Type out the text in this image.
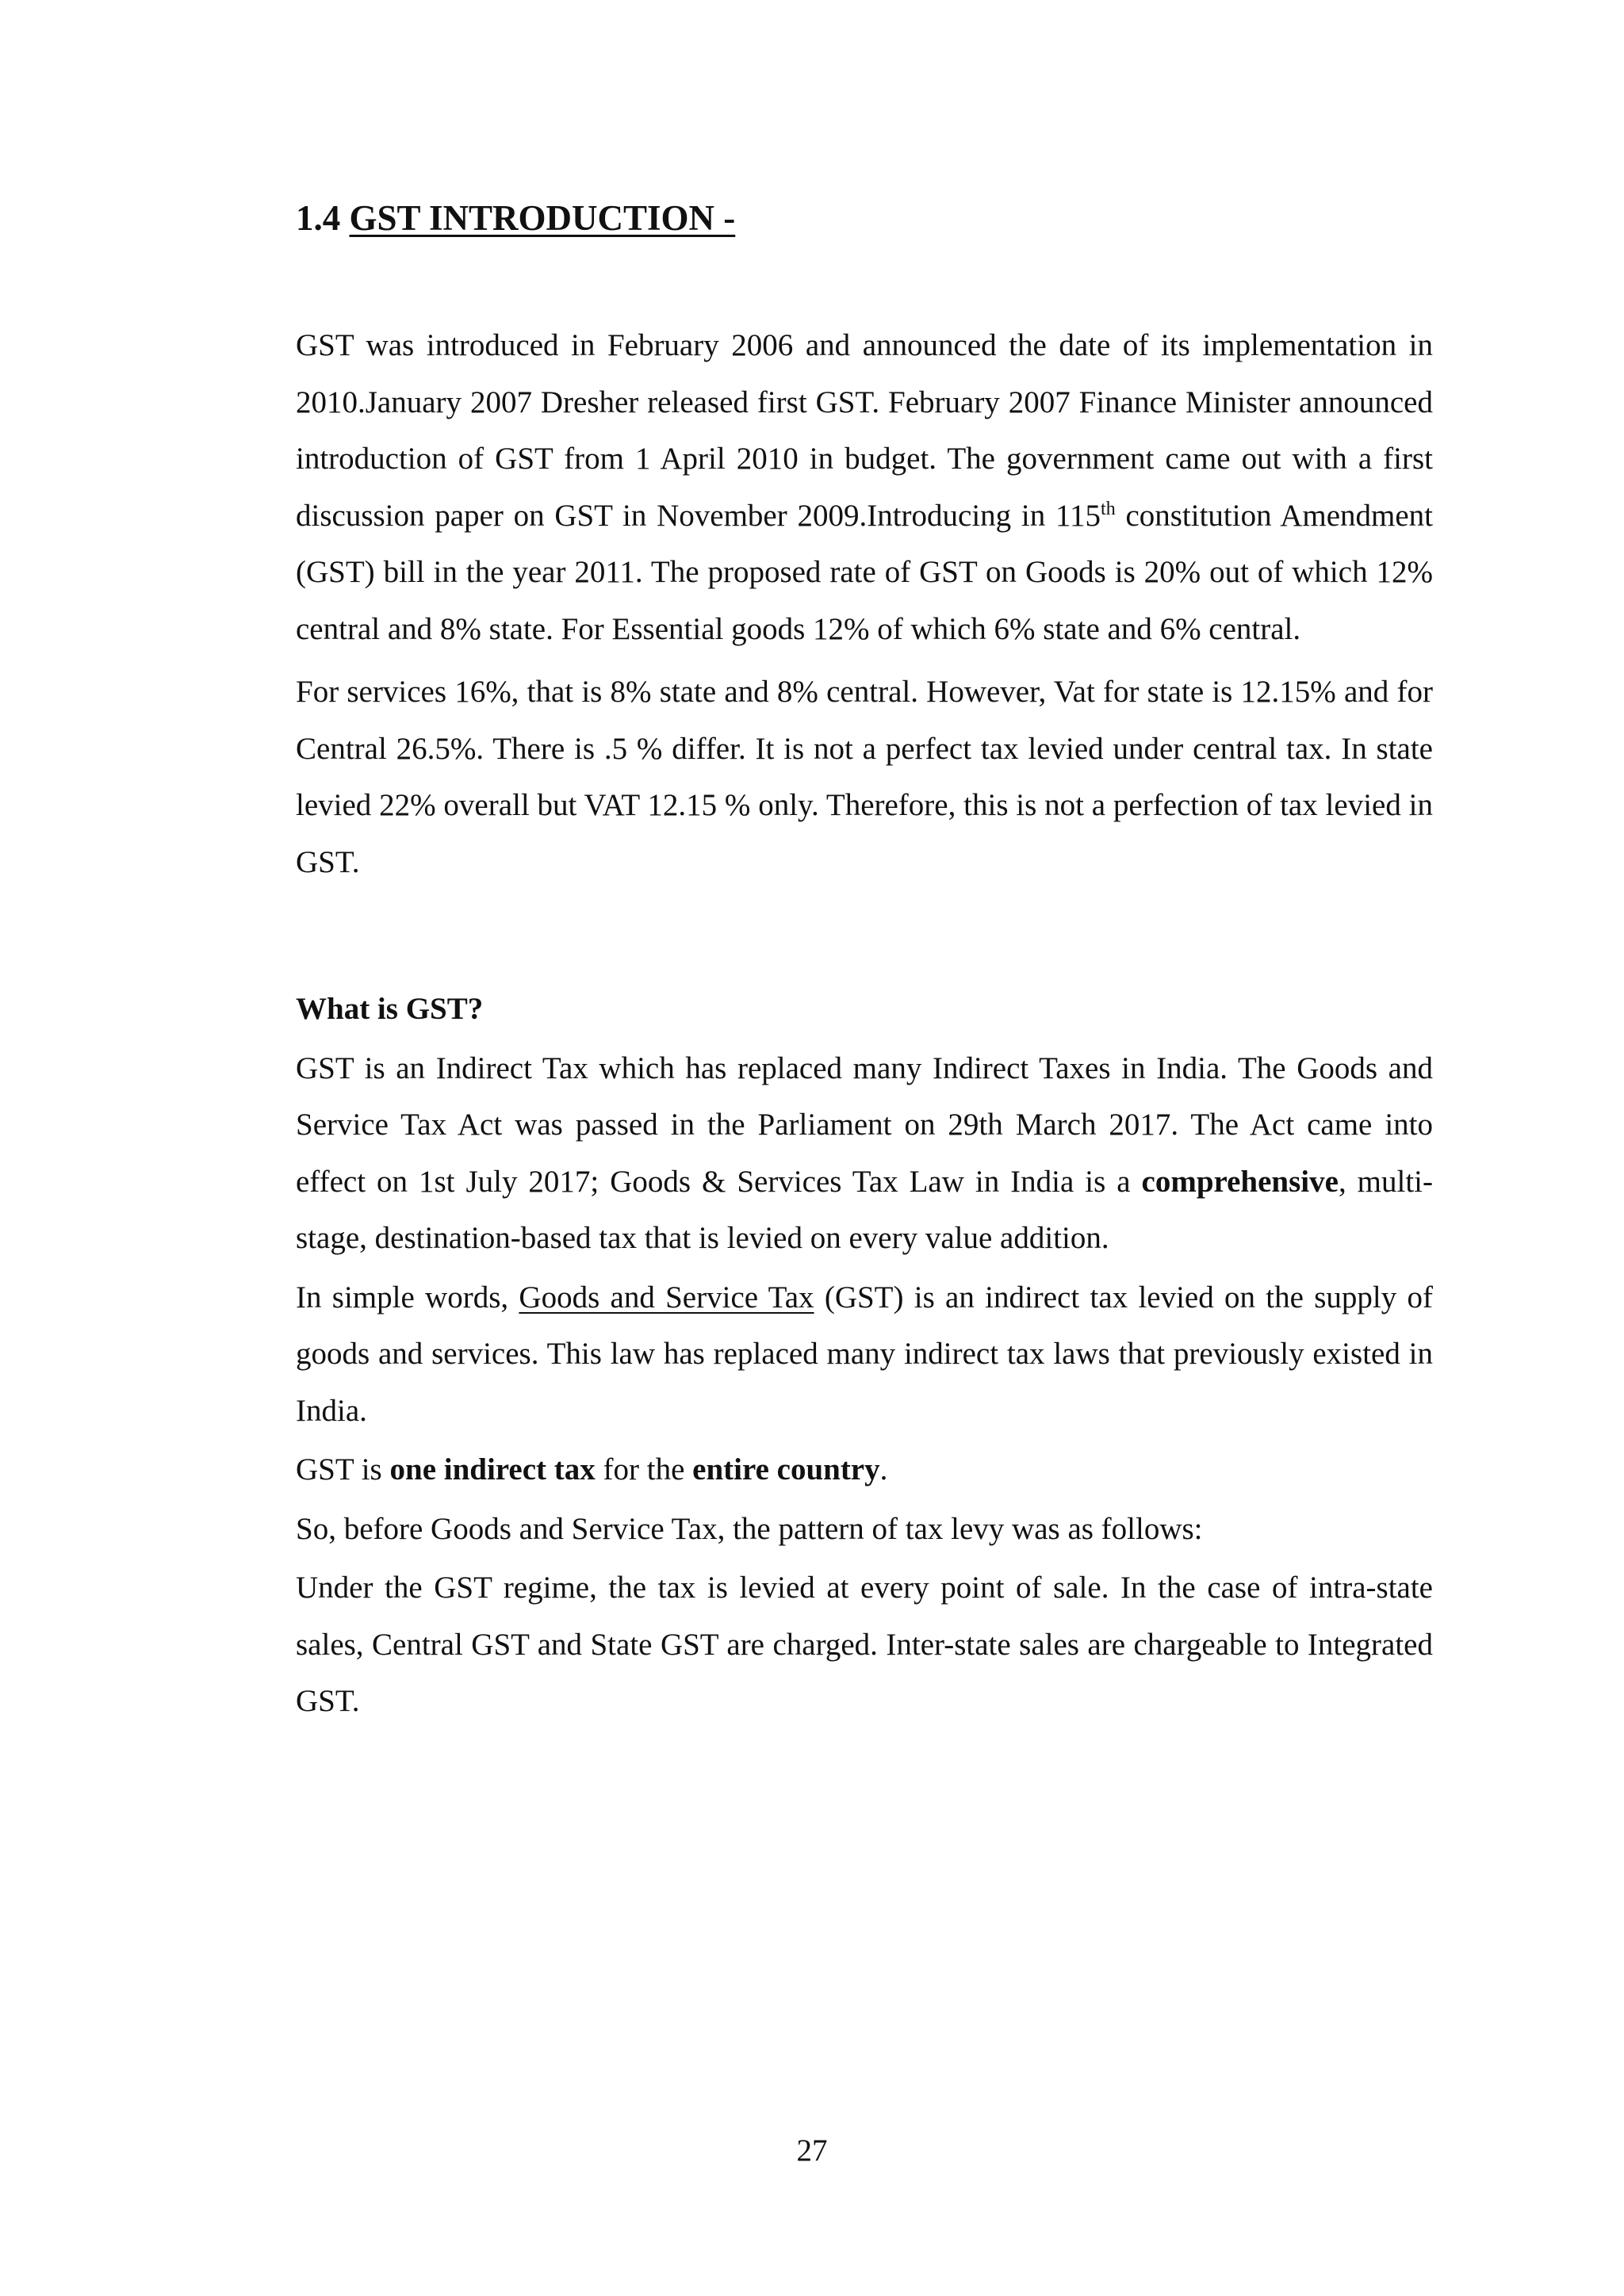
1.4 GST INTRODUCTION -

GST was introduced in February 2006 and announced the date of its implementation in 2010.January 2007 Dresher released first GST. February 2007 Finance Minister announced introduction of GST from 1 April 2010 in budget. The government came out with a first discussion paper on GST in November 2009.Introducing in 115th constitution Amendment (GST) bill in the year 2011. The proposed rate of GST on Goods is 20% out of which 12% central and 8% state. For Essential goods 12% of which 6% state and 6% central.

For services 16%, that is 8% state and 8% central. However, Vat for state is 12.15% and for Central 26.5%. There is .5 % differ. It is not a perfect tax levied under central tax. In state levied 22% overall but VAT 12.15 % only. Therefore, this is not a perfection of tax levied in GST.

What is GST?

GST is an Indirect Tax which has replaced many Indirect Taxes in India. The Goods and Service Tax Act was passed in the Parliament on 29th March 2017. The Act came into effect on 1st July 2017; Goods & Services Tax Law in India is a comprehensive, multi-stage, destination-based tax that is levied on every value addition.

In simple words, Goods and Service Tax (GST) is an indirect tax levied on the supply of goods and services. This law has replaced many indirect tax laws that previously existed in India.

GST is one indirect tax for the entire country.

So, before Goods and Service Tax, the pattern of tax levy was as follows:

Under the GST regime, the tax is levied at every point of sale. In the case of intra-state sales, Central GST and State GST are charged. Inter-state sales are chargeable to Integrated GST.

27
